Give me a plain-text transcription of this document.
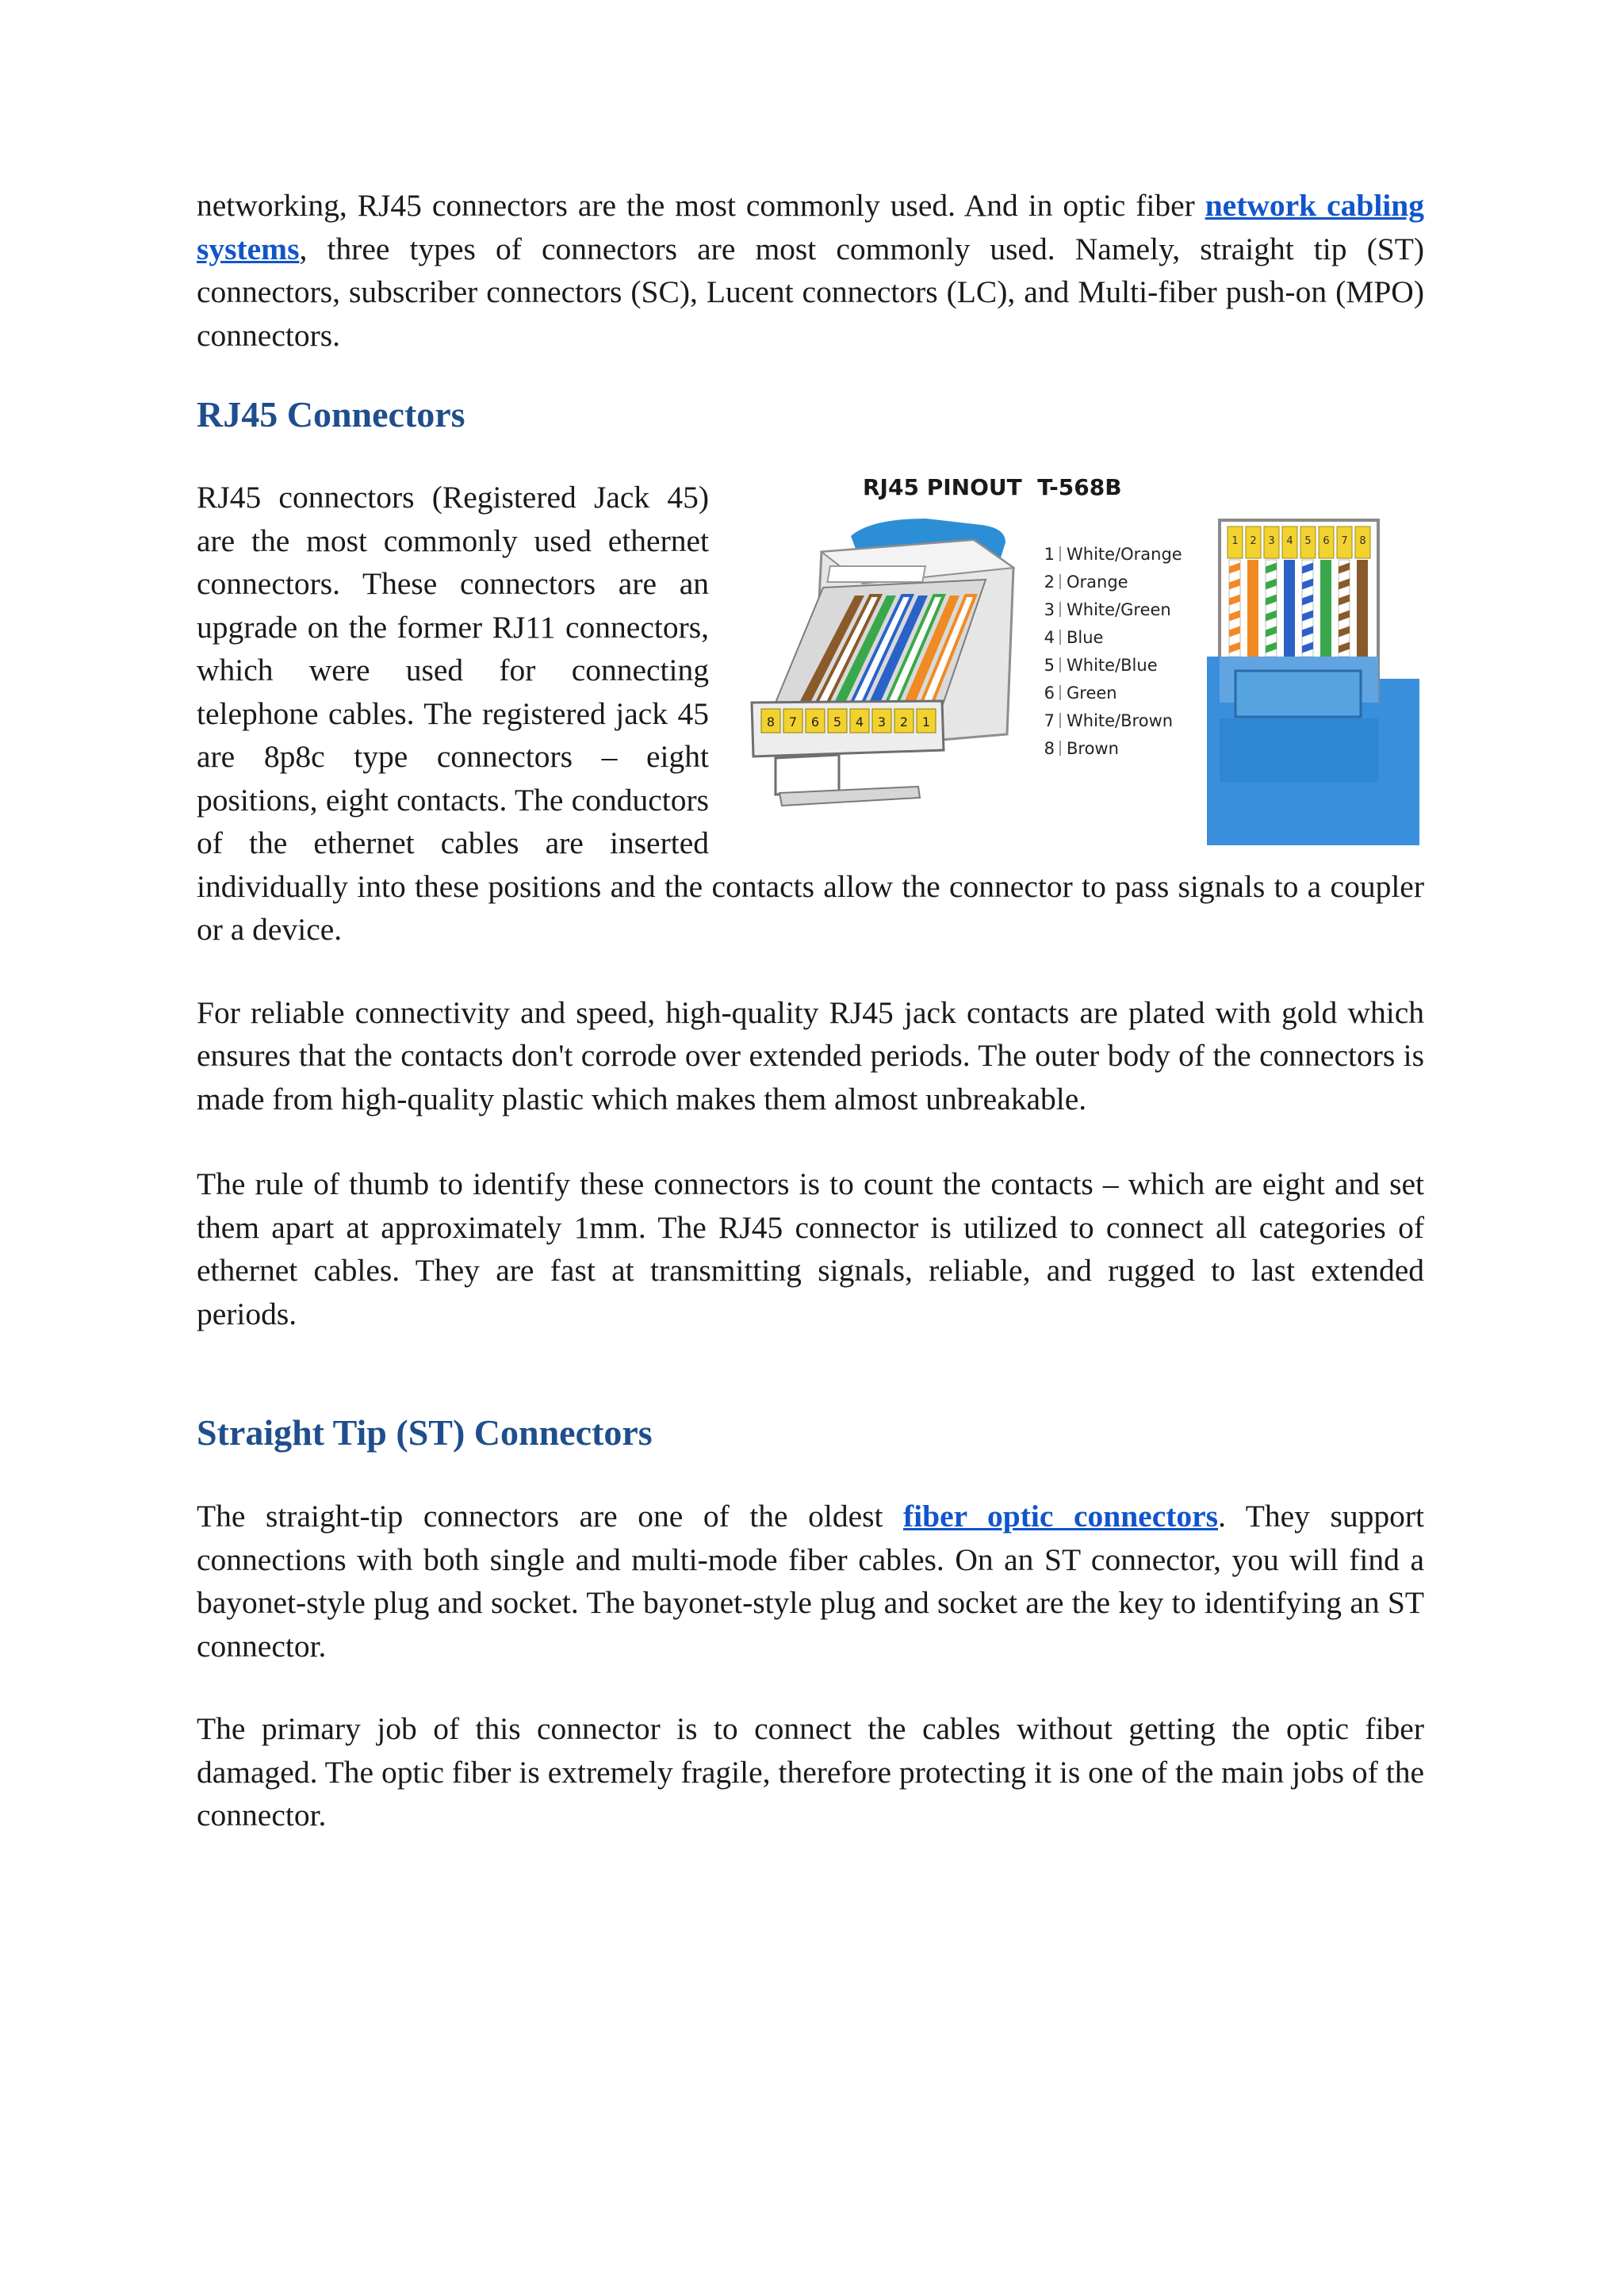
networking, RJ45 connectors are the most commonly used. And in optic fiber network cabling systems, three types of connectors are most commonly used. Namely, straight tip (ST) connectors, subscriber connectors (SC), Lucent connectors (LC), and Multi-fiber push-on (MPO) connectors.

RJ45 Connectors
RJ45 PINOUT  T-568B
8 7 6 5 4 3 2 1
1 White/Orange
2 Orange
3 White/Green
4 Blue
5 White/Blue
6 Green
7 White/Brown
8 Brown
1 2 3 4 5 6 7 8

RJ45 connectors (Registered Jack 45) are the most commonly used ethernet connectors. These connectors are an upgrade on the former RJ11 connectors, which were used for connecting telephone cables. The registered jack 45 are 8p8c type connectors – eight positions, eight contacts. The conductors of the ethernet cables are inserted individually into these positions and the contacts allow the connector to pass signals to a coupler or a device.

For reliable connectivity and speed, high-quality RJ45 jack contacts are plated with gold which ensures that the contacts don't corrode over extended periods. The outer body of the connectors is made from high-quality plastic which makes them almost unbreakable.

The rule of thumb to identify these connectors is to count the contacts – which are eight and set them apart at approximately 1mm. The RJ45 connector is utilized to connect all categories of ethernet cables. They are fast at transmitting signals, reliable, and rugged to last extended periods.

Straight Tip (ST) Connectors

The straight-tip connectors are one of the oldest fiber optic connectors. They support connections with both single and multi-mode fiber cables. On an ST connector, you will find a bayonet-style plug and socket. The bayonet-style plug and socket are the key to identifying an ST connector.

The primary job of this connector is to connect the cables without getting the optic fiber damaged. The optic fiber is extremely fragile, therefore protecting it is one of the main jobs of the connector.
